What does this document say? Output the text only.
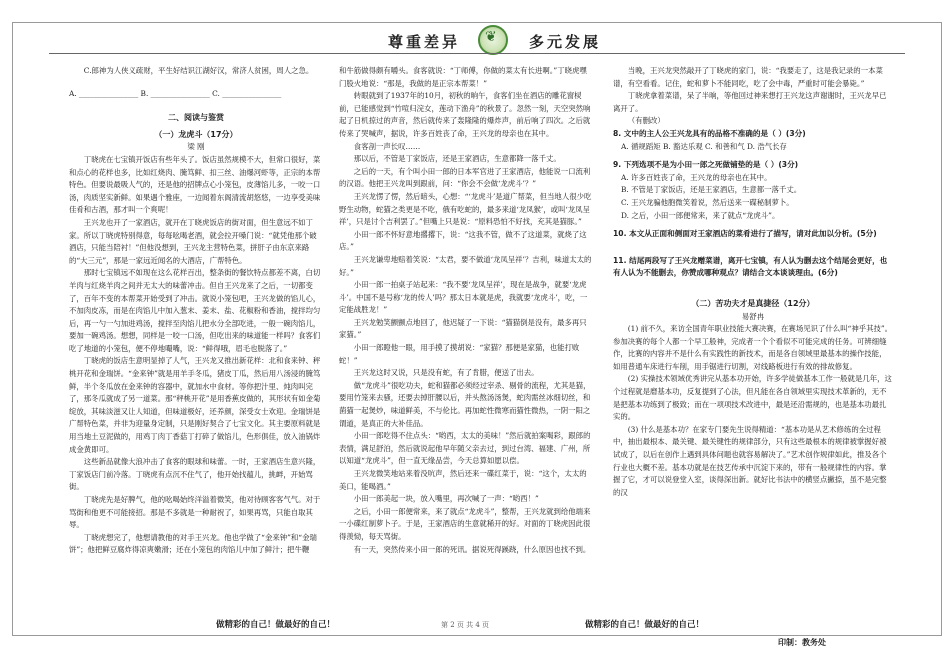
尊重差异
❦	多元发展

C.郎神为人侠义疏财，平生好结识江湖好汉，常济人贫困，周人之急。

A. ________________ B. ________________ C. ________________

二、阅读与鉴赏

（一）龙虎斗（17分）

梁 刚

丁晓虎在七宝镇开饭店有些年头了。饭店虽然规模不大，但常口很好，菜和点心的花样也多，比如红烧肉、腌笃鲜、扣三丝、油爆河虾等，正宗的本帮特色。但要说最吸人气的，还是他的招牌点心小笼包，皮薄馅儿多，一咬一口汤，肉质坚实新鲜。如果遇个雅座，一边闻着东阁清流胡悠悠，一边享受美味佳肴和古酒，那才叫一个爽呢！

王兴龙也开了一家酒店，就开在丁晓虎饭店的街对面，但生意远不如丁家。所以丁晓虎特别得意，每每吆喝老酒，就会拉开嗓门说：“就凭他那个破酒店，只能当陪衬！”但他没想到，王兴龙主营特色菜，拼肝子由东京来路的“大三元”，那是一家远近闻名的大酒店，广帮特色。

那时七宝镇远不如现在这么花样百出，整条街的餐饮特点都差不离，白切羊肉与红烧羊肉之间并无太大的味蕾冲击。但自王兴龙来了之后，一切都变了，百年不变的本帮菜开始受到了冲击。就说小笼包吧，王兴龙做的馅儿心，不加肉皮冻，而是在肉馅儿中加入葱末、姜末、盐、花椒粉和香油，搅拌均匀后，再一勺一勺加进鸡汤，搅拌至肉馅儿把水分全部吃进，一般一碗肉馅儿，要加一碗鸡汤。想想，同样是一咬一口汤，但吃出来的味道能一样吗？食客们吃了地道的小笼包，便不停地嘬嘴，说：“鲜得哦，眉毛也脱落了。”

丁晓虎的饭店生意明显掉了人气，王兴龙又推出新花样：北和食来钟、秤桃开花和金瑞饼。“金来钟”就是用羊手冬瓜，猪皮丁瓜，然后用八汤浸的腌笃鲜，半个冬瓜放在金来钟的容器中，就加水中食材。等你把汁里、炖肉叫完了，那冬瓜就成了另一道菜。那“秤桃开花”是用香蕉皮做的，其形状有如金菊绽放，其味淡滋又让人知道，但味道极好，还养颜，深受女士欢迎。金瑞饼是广帮特色菜，并非为迎量身定制，只是刚好契合了七宝文化。其主要原料就是用当地土豆泥做的，用鸡丁肉丁香菇丁打碎了做馅儿，色形俱佳，放入油锅炸成金黄即可。

这些新品就像大浪冲击了食客的眼球和味蕾。一时，王家酒店生意兴隆，丁家饭店门前冷落。丁晓虎有点沉不住气了，他开始找蕴儿，挑衅，开始骂街。

丁晓虎先是好脾气，他的吆喝始终洋溢着微笑，他对待顾客客气气。对于骂街和他更不可能接招。那是不多就是一种耐祝了，如果再骂，只能自取其辱。

丁晓虎想完了，他想请教他的对手王兴龙。他也学做了“金来钟”和“金瑞饼”；他把鲜豆腐炸得凉爽嫩滑；还在小笼包的肉馅儿中加了鲜汁；把牛鞭

和牛筋做得颇有嚼头。食客就说：“丁师傅，你做的菜太有长进啊。”丁晓虎嘿门股火地说：“那是，我做的是正宗本帮菜！”

转眼就到了1937年的10月，初秋的晌午，食客们坐在酒店的雕花窗棂前，已能感觉到“竹喧归浣女，莲动下渔舟”的秋景了。忽然一刻，天空突然响起了日机掠过的声音，然后就传来了轰隆隆的爆炸声，前后响了四次。之后就传来了哭喊声，据说，许多百姓丧了命，王兴龙的母亲也在其中。

食客剖一声长叹……

那以后，不管是丁家饭店，还是王家酒店，生意都降一落千丈。

之后的一天，有个叫小田一郎的日本军官进了王家酒店，他能说一口流利的汉语。他把王兴龙叫到跟前，问：“你会不会做‘龙虎斗’？”

王兴龙愣了愣，然后暗头，心想：“‘龙虎斗’是道广帮菜，但当地人很少吃野生动物，蛇猫之类更是不吃，俄有吃蛇的，最多来道‘龙凤猴’，或叫‘龙凤呈祥’，只是讨个吉利罢了。”但嘴上只是说：“原料恐怕不好找，充其是猫豚。”

小田一郎不怀好意地撂撂下，说：“这我不管，做不了这道菜，就烧了这店。”

王兴龙谦卑地赔着笑说：“太君，要不做道‘龙凤呈祥’？吉利，味道太太的好。”

小田一郎一拍桌子站起来：“我不要‘龙凤呈祥’，现在是战争，就要‘龙虎斗’。中国不是号称‘龙的传人’吗？那太日本就是虎，我就要‘龙虎斗’，吃，一定能战胜龙！”

王兴龙勉笑颤颤点地回了，他迟疑了一下说：“猫猫倒是没有，最多再只家猫。”

小田一郎瞪他一眼，用手摸了摸胡说：“家猫？那便是家猫，也能打败蛇！”

王兴龙这时又说，只是没有蛇，有了肯腊，便送了出去。

做“龙虎斗”很吃功夫，蛇和猫都必须经过宰杀、剔骨的流程，尤其是猫，要用竹笼来去骚，还要去掉肝腰以后，并头熬汤汤煲，蛇肉需丝冰细切丝，和菌猫一起煲炒，味道鲜美，不与伦比。再加蛇性微寒而猫性微热，一阴一阳之谓道，是真正的大补佳品。

小田一郎吃得不住点头：“哟西，太太的美味！”然后就拍案喝彩，跟郎的表情，满足舒泊，然后就说起他早年随父亲去过，到过台湾、福建、广州，所以知道“龙虎斗”，但一直无缘品尝，今天总算如愿以偿。

王兴龙微笑地站来着没吭声，然后还来一碟红菜于，说：“这个，太太的美口，能喝酒。”

小田一郎美起一块，放入嘴里，再次喊了一声：“哟西！”

之后，小田一郎便常来，来了就点“龙虎斗”，整帮，王兴龙就到给他端来一小碟红制萝卜子。于是，王家酒店的生意就稀开的好。对面的丁晓虎因此很得羡恸，每天骂街。

有一天，突然传来小田一郎的死讯。据说死得蹊跷，什么原因也找不到。

当晚，王兴龙突然敲开了丁晓虎的家门，说：“我要走了，这是我记录的一本菜谱，有空看看。记住，蛇和萝卜不能同吃，吃了会中毒，严重时可能会暴毙。”

丁晓虎拿着菜谱，呆了半晌，等他回过神来想打王兴龙这声谢谢时，王兴龙早已离开了。

（有删改）

8. 文中的主人公王兴龙具有的品格不准确的是（ ）(3分)

A. 循规蹈矩 B. 豁达乐观 C. 和善和气 D. 浩气长存

9. 下列选项不是为小田一郎之死做铺垫的是（ ）(3分)

A. 许多百姓丧了命，王兴龙的母亲也在其中。

B. 不管是丁家饭店，还是王家酒店，生意都一落千丈。

C. 王兴龙骗他胞微笑着说，然后送来一碟秘制萝卜。

D. 之后，小田一郎便常来，来了就点“龙虎斗”。

10. 本文从正面和侧面对王家酒店的菜肴进行了描写，请对此加以分析。(5分)

11. 结尾两段写了王兴龙赠菜谱，离开七宝镇，有人认为删去这个结尾会更好，也有人认为不能删去，你赞成哪种观点？请结合文本谈谈理由。(6分)

（二）苦功夫才是真捷径（12分）

易舒冉

(1) 前不久，来访全国青年职业技能大赛决赛，在赛场见识了什么叫“神乎其技”。参加决赛的每个人都一个早工般神，完成者一个个看似不可能完成的任务。可辨细缝作，比赛的内容并不是什么有实践性的新技术，而是各自领域里最基本的操作技能，如用普通车床进行车削，用手锯进行切割，对线路板进行有效的排故修复。

(2) 实操技术领域优秀讲完从基本功开始，许多学徒做基本工作一般就是几年，这个过程就是磨基本功，反复提到了心法，但凡能在各自领域里实现技术革新的，无不是把基本功练到了极致；而在一项项技术改进中，最是还沿需规的，也是基本功最扎实的。

(3) 什么是基本功？在家专门要先生说得精道：“基本功是从艺术修练的全过程中，抽出最根本、最关键、最关键性的规律部分，只有这些最根本的规律被掌握好被试成了，以后在创作上遇到具体问题也就容易解决了。”艺术创作规律如此，推及各个行业也大概不差。基本功就是在技艺传承中沉淀下来的，带有一般规律性的内容。掌握了它，才可以说登堂入室，谈得深出新。就好比书法中的横竖点撇捺，虽不是完整的汉

第 2 页 共 4 页
做精彩的自己！做最好的自己！	做精彩的自己！做最好的自己！
印制：教务处
